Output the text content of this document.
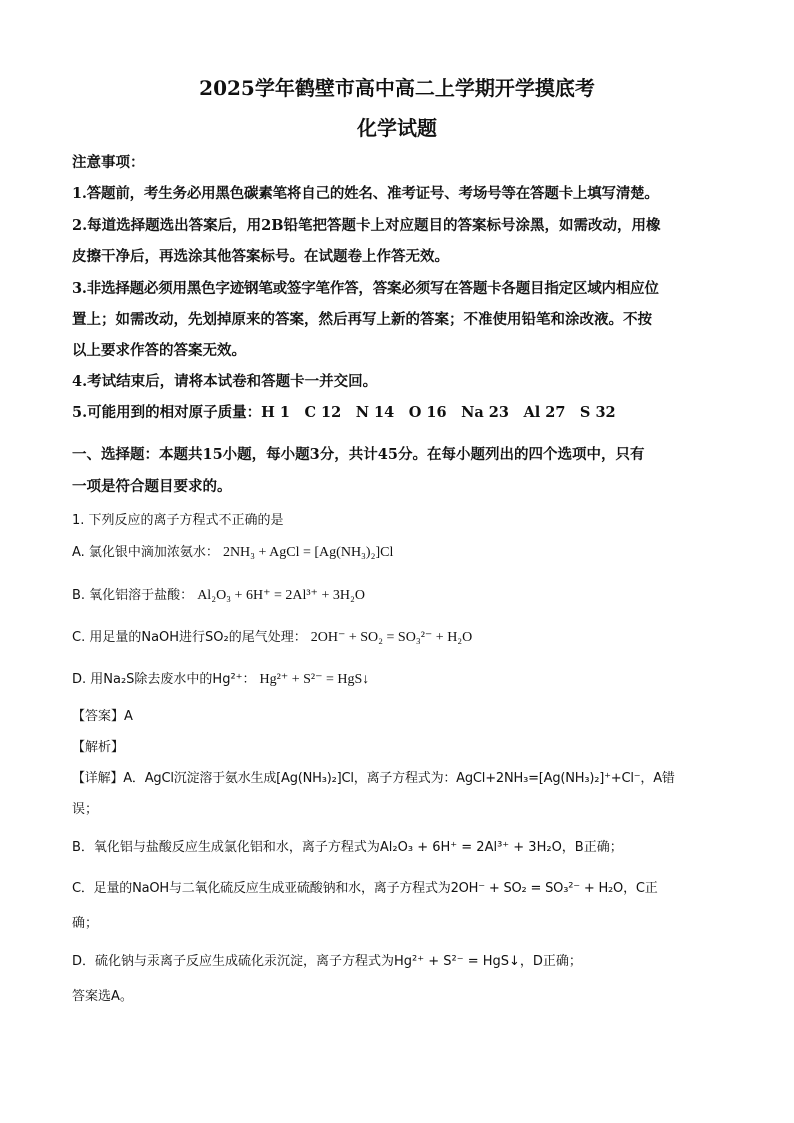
2025学年鹤壁市高中高二上学期开学摸底考
化学试题
注意事项：
1.答题前，考生务必用黑色碳素笔将自己的姓名、准考证号、考场号等在答题卡上填写清楚。
2.每道选择题选出答案后，用2B铅笔把答题卡上对应题目的答案标号涂黑，如需改动，用橡
皮擦干净后，再选涂其他答案标号。在试题卷上作答无效。
3.非选择题必须用黑色字迹钢笔或签字笔作答，答案必须写在答题卡各题目指定区域内相应位
置上；如需改动，先划掉原来的答案，然后再写上新的答案；不准使用铅笔和涂改液。不按
以上要求作答的答案无效。
4.考试结束后，请将本试卷和答题卡一并交回。
5.可能用到的相对原子质量：H 1　C 12　N 14　O 16　Na 23　Al 27　S 32
一、选择题：本题共15小题，每小题3分，共计45分。在每小题列出的四个选项中，只有
一项是符合题目要求的。
1. 下列反应的离子方程式不正确的是
A. 氯化银中滴加浓氨水： 2NH₃ + AgCl = [Ag(NH₃)₂]Cl
B. 氧化铝溶于盐酸： Al₂O₃ + 6H⁺ = 2Al³⁺ + 3H₂O
C. 用足量的NaOH进行SO₂的尾气处理： 2OH⁻ + SO₂ = SO₃²⁻ + H₂O
D. 用Na₂S除去废水中的Hg²⁺： Hg²⁺ + S²⁻ = HgS↓
【答案】A
【解析】
【详解】A．AgCl沉淀溶于氨水生成[Ag(NH₃)₂]Cl，离子方程式为：AgCl+2NH₃=[Ag(NH₃)₂]⁺+Cl⁻，A错
误；
B．氧化铝与盐酸反应生成氯化铝和水，离子方程式为Al₂O₃ + 6H⁺ = 2Al³⁺ + 3H₂O，B正确；
C．足量的NaOH与二氧化硫反应生成亚硫酸钠和水，离子方程式为2OH⁻ + SO₂ = SO₃²⁻ + H₂O，C正
确；
D．硫化钠与汞离子反应生成硫化汞沉淀，离子方程式为Hg²⁺ + S²⁻ = HgS↓，D正确；
答案选A。
